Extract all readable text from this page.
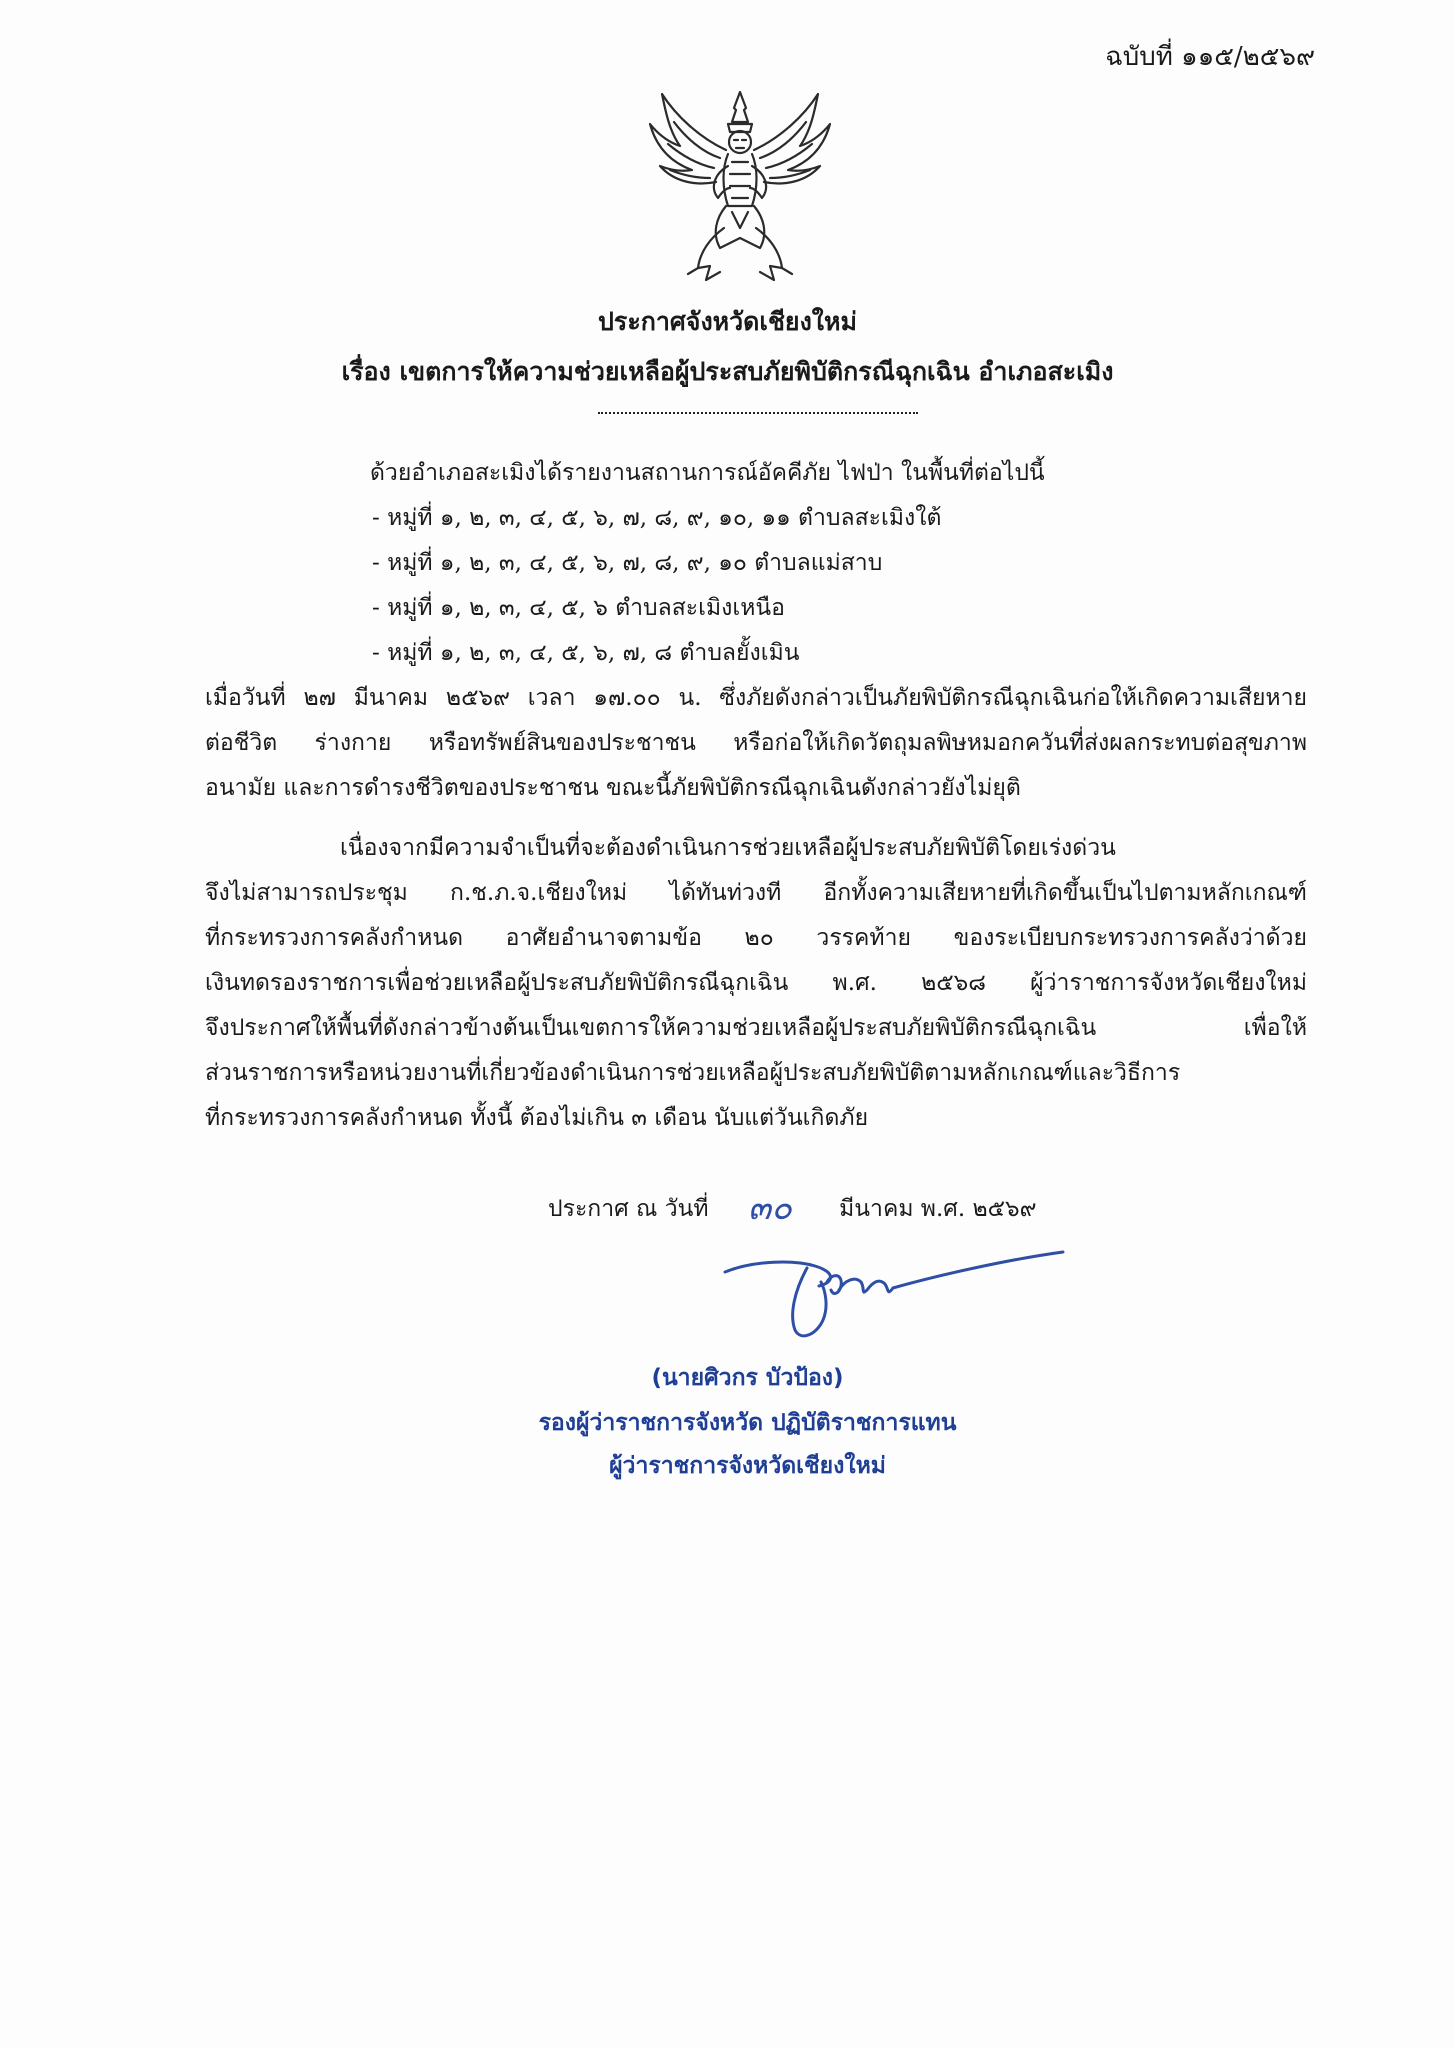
ฉบับที่ ๑๑๕/๒๕๖๙
ประกาศจังหวัดเชียงใหม่
เรื่อง เขตการให้ความช่วยเหลือผู้ประสบภัยพิบัติกรณีฉุกเฉิน อำเภอสะเมิง
ด้วยอำเภอสะเมิงได้รายงานสถานการณ์อัคคีภัย ไฟป่า ในพื้นที่ต่อไปนี้
- หมู่ที่ ๑, ๒, ๓, ๔, ๕, ๖, ๗, ๘, ๙, ๑๐, ๑๑ ตำบลสะเมิงใต้
- หมู่ที่ ๑, ๒, ๓, ๔, ๕, ๖, ๗, ๘, ๙, ๑๐ ตำบลแม่สาบ
- หมู่ที่ ๑, ๒, ๓, ๔, ๕, ๖ ตำบลสะเมิงเหนือ
- หมู่ที่ ๑, ๒, ๓, ๔, ๕, ๖, ๗, ๘ ตำบลยั้งเมิน
เมื่อวันที่ ๒๗ มีนาคม ๒๕๖๙ เวลา ๑๗.๐๐ น. ซึ่งภัยดังกล่าวเป็นภัยพิบัติกรณีฉุกเฉินก่อให้เกิดความเสียหาย
ต่อชีวิต ร่างกาย หรือทรัพย์สินของประชาชน หรือก่อให้เกิดวัตถุมลพิษหมอกควันที่ส่งผลกระทบต่อสุขภาพ
อนามัย และการดำรงชีวิตของประชาชน ขณะนี้ภัยพิบัติกรณีฉุกเฉินดังกล่าวยังไม่ยุติ
เนื่องจากมีความจำเป็นที่จะต้องดำเนินการช่วยเหลือผู้ประสบภัยพิบัติโดยเร่งด่วน
จึงไม่สามารถประชุม ก.ช.ภ.จ.เชียงใหม่ ได้ทันท่วงที อีกทั้งความเสียหายที่เกิดขึ้นเป็นไปตามหลักเกณฑ์
ที่กระทรวงการคลังกำหนด อาศัยอำนาจตามข้อ ๒๐ วรรคท้าย ของระเบียบกระทรวงการคลังว่าด้วย
เงินทดรองราชการเพื่อช่วยเหลือผู้ประสบภัยพิบัติกรณีฉุกเฉิน พ.ศ. ๒๕๖๘ ผู้ว่าราชการจังหวัดเชียงใหม่
จึงประกาศให้พื้นที่ดังกล่าวข้างต้นเป็นเขตการให้ความช่วยเหลือผู้ประสบภัยพิบัติกรณีฉุกเฉิน เพื่อให้
ส่วนราชการหรือหน่วยงานที่เกี่ยวข้องดำเนินการช่วยเหลือผู้ประสบภัยพิบัติตามหลักเกณฑ์และวิธีการ
ที่กระทรวงการคลังกำหนด ทั้งนี้ ต้องไม่เกิน ๓ เดือน นับแต่วันเกิดภัย
ประกาศ ณ วันที่ ๓๐ มีนาคม พ.ศ. ๒๕๖๙
(นายศิวกร บัวป้อง)
รองผู้ว่าราชการจังหวัด ปฏิบัติราชการแทน
ผู้ว่าราชการจังหวัดเชียงใหม่
